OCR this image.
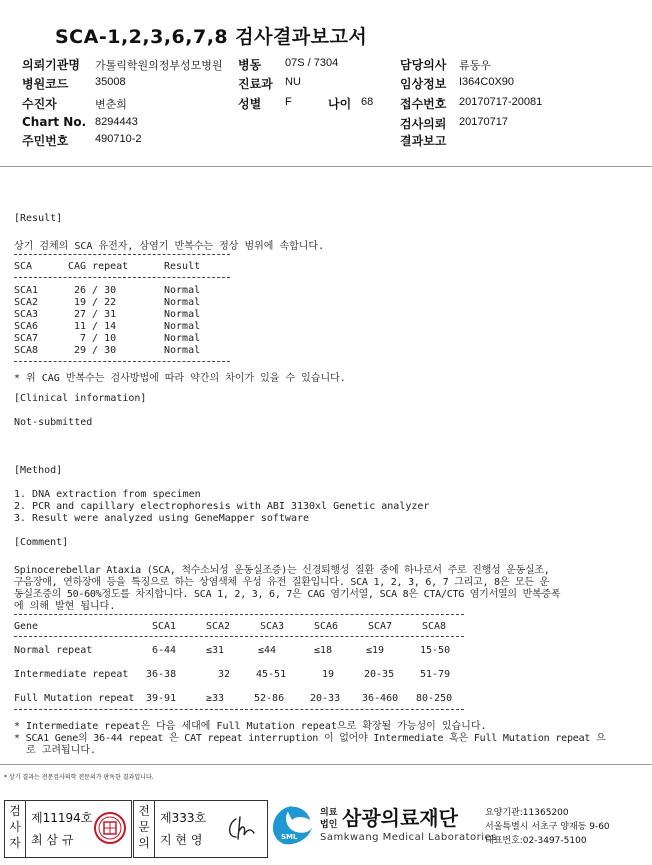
SCA-1,2,3,6,7,8 검사결과보고서
의뢰기관명 가톨릭학원의정부성모병원 병동 07S / 7304	담당의사 류동우
병원코드 35008	진료과 NU	임상정보 I364C0X90
수진자	변춘희	성별 F	나이 68 접수번호 20170717-20081
Chart No. 8294443	검사의뢰 20170717
주민번호 490710-2	결과보고
[Result]
상기 검체의 SCA 유전자, 삼염기 반복수는 정상 범위에 속합니다.
SCA	CAG repeat	Result
SCA1	26 / 30	Normal
SCA2	19 / 22	Normal
SCA3	27 / 31	Normal
SCA6	11 / 14	Normal
SCA7	7 / 10	Normal
SCA8	29 / 30	Normal
* 위 CAG 반복수는 검사방법에 따라 약간의 차이가 있을 수 있습니다.
[Clinical information]
Not-submitted
[Method]
1. DNA extraction from specimen
2. PCR and capillary electrophoresis with ABI 3130xl Genetic analyzer
3. Result were analyzed using GeneMapper software
[Comment]
Spinocerebellar Ataxia (SCA, 척수소뇌성 운동실조증)는 신경퇴행성 질환 중에 하나로서 주로 진행성 운동실조,
구음장애, 연하장애 등을 특징으로 하는 상염색체 우성 유전 질환입니다. SCA 1, 2, 3, 6, 7 그리고, 8은 모든 운
동실조증의 50-60%정도를 차지합니다. SCA 1, 2, 3, 6, 7은 CAG 염기서열, SCA 8은 CTA/CTG 염기서열의 반복증폭
에 의해 발현 됩니다.
Gene	SCA1	SCA2	SCA3	SCA6	SCA7	SCA8
Normal repeat	6-44	≤31	≤44	≤18	≤19	15-50
Intermediate repeat 36-38	32	45-51	19	20-35	51-79
Full Mutation repeat 39-91	≥33	52-86	20-33 36-460 80-250
* Intermediate repeat은 다음 세대에 Full Mutation repeat으로 확장될 가능성이 있습니다.
* SCA1 Gene의 36-44 repeat 은 CAT repeat interruption 이 없어야 Intermediate 혹은 Full Mutation repeat 으
로 고려됩니다.
* 상기 결과는 전문검사의학 전문의가 판독한 결과입니다.
검사자
제11194호
최 삼 규
전문의
제333호
지 현 영	SML
의료
법인 삼광의료재단
Samkwang Medical Laboratories
요양기관:11365200
서울특별시 서초구 양재동 9-60
대표번호:02-3497-5100
